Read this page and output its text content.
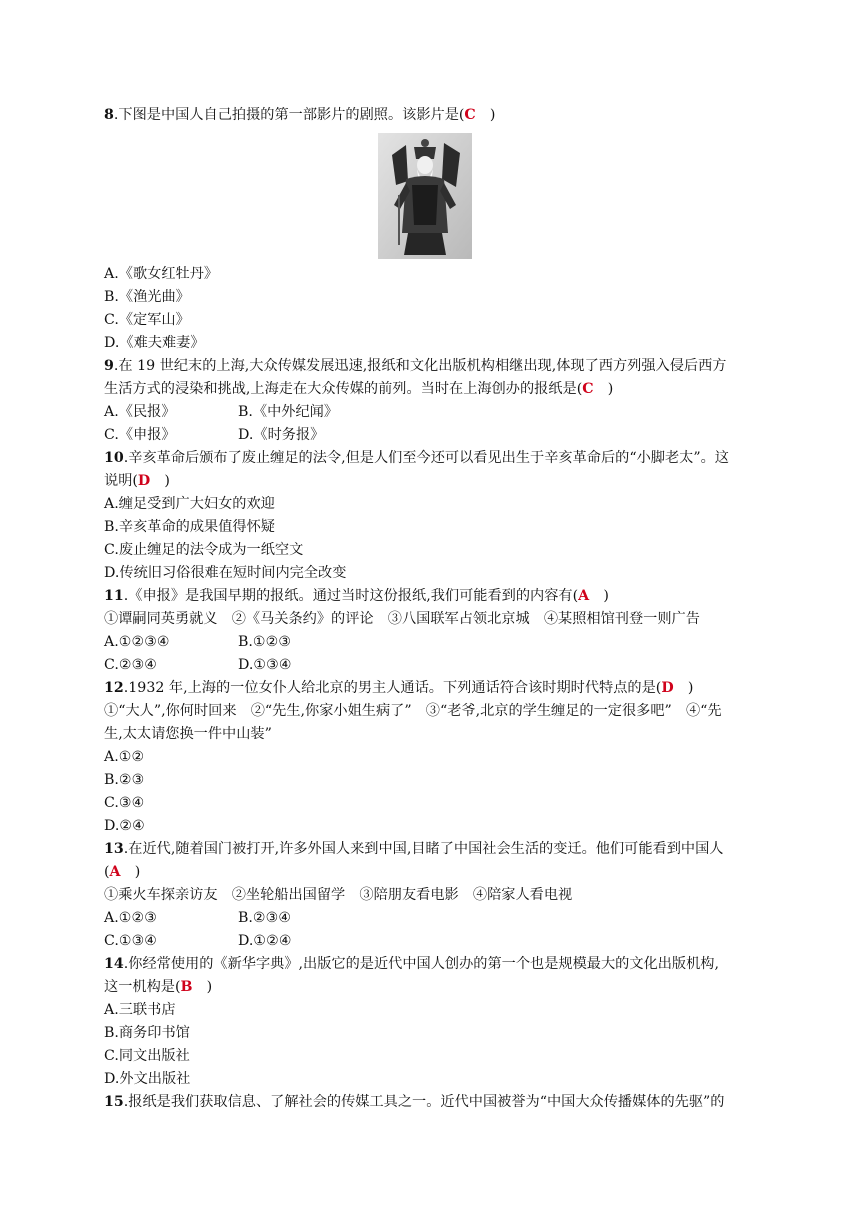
8.下图是中国人自己拍摄的第一部影片的剧照。该影片是(C　)
A.《歌女红牡丹》
B.《渔光曲》
C.《定军山》
D.《难夫难妻》
9.在 19 世纪末的上海,大众传媒发展迅速,报纸和文化出版机构相继出现,体现了西方列强入侵后西方
生活方式的浸染和挑战,上海走在大众传媒的前列。当时在上海创办的报纸是(C　)
A.《民报》	B.《中外纪闻》
C.《申报》	D.《时务报》
10.辛亥革命后颁布了废止缠足的法令,但是人们至今还可以看见出生于辛亥革命后的“小脚老太”。这
说明(D　)
A.缠足受到广大妇女的欢迎
B.辛亥革命的成果值得怀疑
C.废止缠足的法令成为一纸空文
D.传统旧习俗很难在短时间内完全改变
11.《申报》是我国早期的报纸。通过当时这份报纸,我们可能看到的内容有(A　)
①谭嗣同英勇就义　②《马关条约》的评论　③八国联军占领北京城　④某照相馆刊登一则广告
A.①②③④	B.①②③
C.②③④	D.①③④
12.1932 年,上海的一位女仆人给北京的男主人通话。下列通话符合该时期时代特点的是(D　)
①“大人”,你何时回来　②“先生,你家小姐生病了”　③“老爷,北京的学生缠足的一定很多吧”　④“先
生,太太请您换一件中山装”
A.①②
B.②③
C.③④
D.②④
13.在近代,随着国门被打开,许多外国人来到中国,目睹了中国社会生活的变迁。他们可能看到中国人
(A　)
①乘火车探亲访友　②坐轮船出国留学　③陪朋友看电影　④陪家人看电视
A.①②③	B.②③④
C.①③④	D.①②④
14.你经常使用的《新华字典》,出版它的是近代中国人创办的第一个也是规模最大的文化出版机构,
这一机构是(B　)
A.三联书店
B.商务印书馆
C.同文出版社
D.外文出版社
15.报纸是我们获取信息、了解社会的传媒工具之一。近代中国被誉为“中国大众传播媒体的先驱”的
